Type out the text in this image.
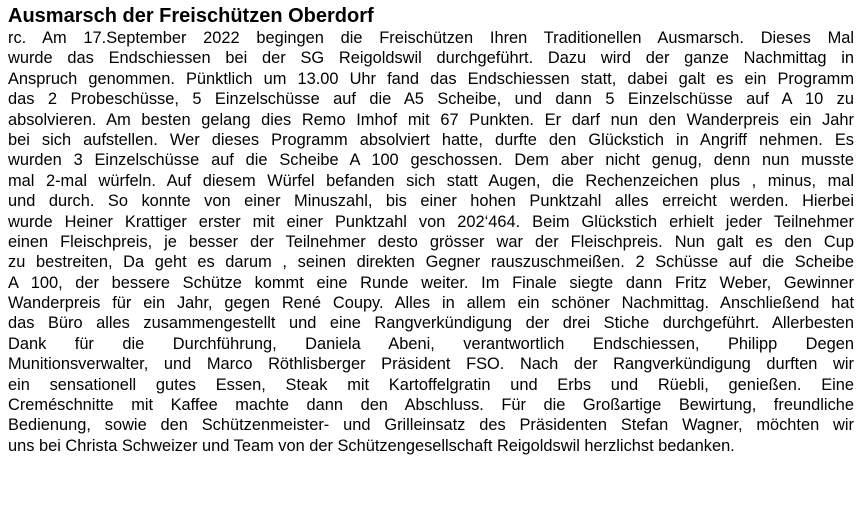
Ausmarsch der Freischützen Oberdorf
rc. Am 17.September 2022 begingen die Freischützen Ihren Traditionellen Ausmarsch. Dieses Mal
wurde das Endschiessen bei der SG Reigoldswil durchgeführt. Dazu wird der ganze Nachmittag in
Anspruch genommen. Pünktlich um 13.00 Uhr fand das Endschiessen statt, dabei galt es ein Programm
das 2 Probeschüsse, 5 Einzelschüsse auf die A5 Scheibe, und dann 5 Einzelschüsse auf A 10 zu
absolvieren. Am besten gelang dies Remo Imhof mit 67 Punkten. Er darf nun den Wanderpreis ein Jahr
bei sich aufstellen. Wer dieses Programm absolviert hatte, durfte den Glückstich in Angriff nehmen. Es
wurden 3 Einzelschüsse auf die Scheibe A 100 geschossen. Dem aber nicht genug, denn nun musste
mal 2-mal würfeln. Auf diesem Würfel befanden sich statt Augen, die Rechenzeichen plus , minus, mal
und durch. So konnte von einer Minuszahl, bis einer hohen Punktzahl alles erreicht werden. Hierbei
wurde Heiner Krattiger erster mit einer Punktzahl von 202‘464. Beim Glückstich erhielt jeder Teilnehmer
einen Fleischpreis, je besser der Teilnehmer desto grösser war der Fleischpreis. Nun galt es den Cup
zu bestreiten, Da geht es darum , seinen direkten Gegner rauszuschmeißen. 2 Schüsse auf die Scheibe
A 100, der bessere Schütze kommt eine Runde weiter. Im Finale siegte dann Fritz Weber, Gewinner
Wanderpreis für ein Jahr, gegen René Coupy. Alles in allem ein schöner Nachmittag. Anschließend hat
das Büro alles zusammengestellt und eine Rangverkündigung der drei Stiche durchgeführt. Allerbesten
Dank für die Durchführung, Daniela Abeni, verantwortlich Endschiessen, Philipp Degen
Munitionsverwalter, und Marco Röthlisberger Präsident FSO. Nach der Rangverkündigung durften wir
ein sensationell gutes Essen, Steak mit Kartoffelgratin und Erbs und Rüebli, genießen. Eine
Creméschnitte mit Kaffee machte dann den Abschluss. Für die Großartige Bewirtung, freundliche
Bedienung, sowie den Schützenmeister- und Grilleinsatz des Präsidenten Stefan Wagner, möchten wir
uns bei Christa Schweizer und Team von der Schützengesellschaft Reigoldswil herzlichst bedanken.
